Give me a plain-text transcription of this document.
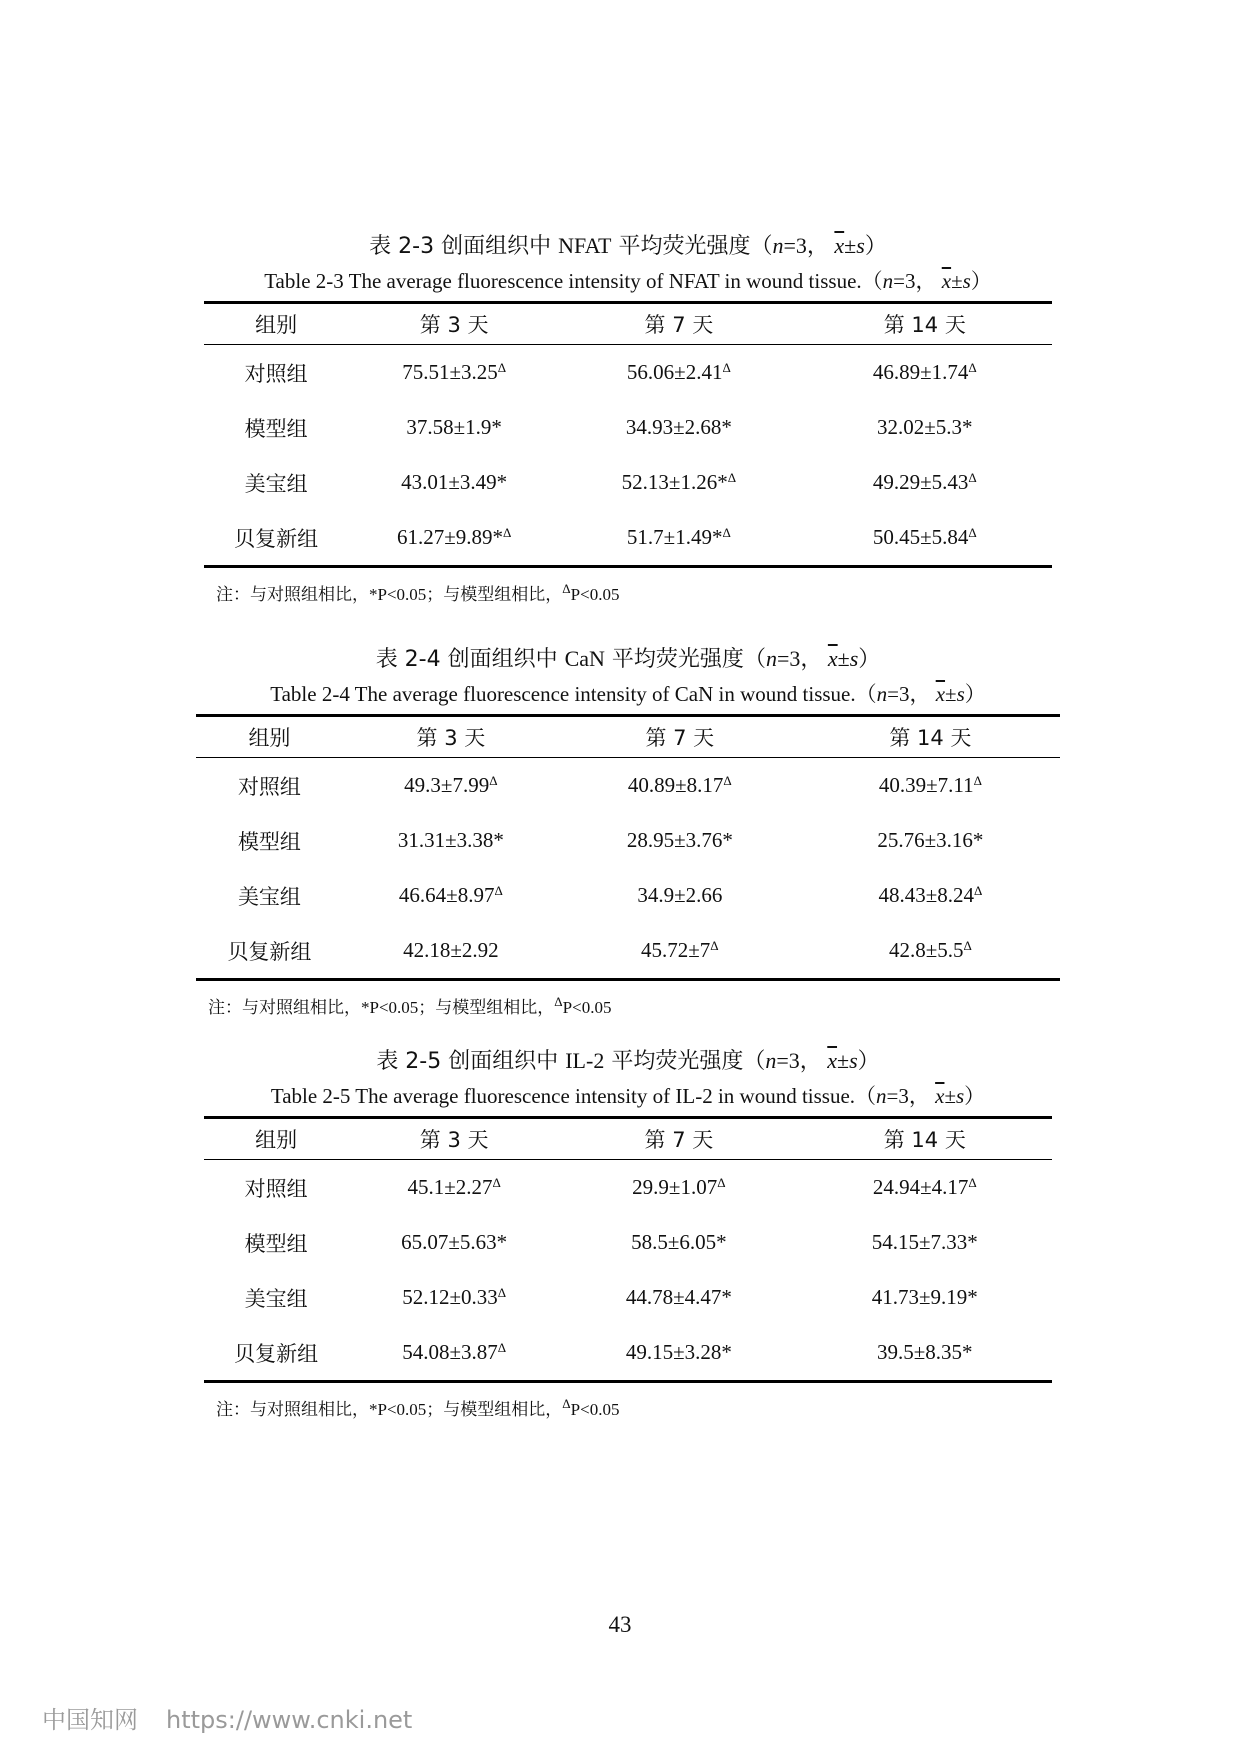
表 2-3 创面组织中 NFAT 平均荧光强度（n=3， $\overline{x}\pm s$）
Table 2-3 The average fluorescence intensity of NFAT in wound tissue.（n=3， $\overline{x}\pm s$）
组别	第 3 天	第 7 天	第 14 天
对照组	$75.51\pm 3.25^\Delta$	$56.06\pm 2.41^\Delta$	$46.89\pm 1.74^\Delta$
模型组	37.58±1.9*	34.93±2.68*	32.02±5.3*
美宝组	43.01±3.49*	52.13±1.26*$^\Delta$	$49.29\pm 5.43^\Delta$
贝复新组	61.27±9.89*$^\Delta$	51.7±1.49*$^\Delta$	$50.45\pm 5.84^\Delta$
注：与对照组相比，*P<0.05；与模型组相比，$^\Delta$P<0.05
表 2-4 创面组织中 CaN 平均荧光强度（n=3， $\overline{x}\pm s$）
Table 2-4 The average fluorescence intensity of CaN in wound tissue.（n=3， $\overline{x}\pm s$）
组别	第 3 天	第 7 天	第 14 天
对照组	$49.3\pm 7.99^\Delta$	$40.89\pm 8.17^\Delta$	$40.39\pm 7.11^\Delta$
模型组	31.31±3.38*	28.95±3.76*	25.76±3.16*
美宝组	$46.64\pm 8.97^\Delta$	34.9±2.66	$48.43\pm 8.24^\Delta$
贝复新组	42.18±2.92	$45.72\pm 7^\Delta$	$42.8\pm 5.5^\Delta$
注：与对照组相比，*P<0.05；与模型组相比，$^\Delta$P<0.05
表 2-5 创面组织中 IL-2 平均荧光强度（n=3， $\overline{x}\pm s$）
Table 2-5 The average fluorescence intensity of IL-2 in wound tissue.（n=3， $\overline{x}\pm s$）
组别	第 3 天	第 7 天	第 14 天
对照组	$45.1\pm 2.27^\Delta$	$29.9\pm 1.07^\Delta$	$24.94\pm 4.17^\Delta$
模型组	65.07±5.63*	58.5±6.05*	54.15±7.33*
美宝组	$52.12\pm 0.33^\Delta$	44.78±4.47*	41.73±9.19*
贝复新组	$54.08\pm 3.87^\Delta$	49.15±3.28*	39.5±8.35*
注：与对照组相比，*P<0.05；与模型组相比，$^\Delta$P<0.05
43
中国知网 https://www.cnki.net
